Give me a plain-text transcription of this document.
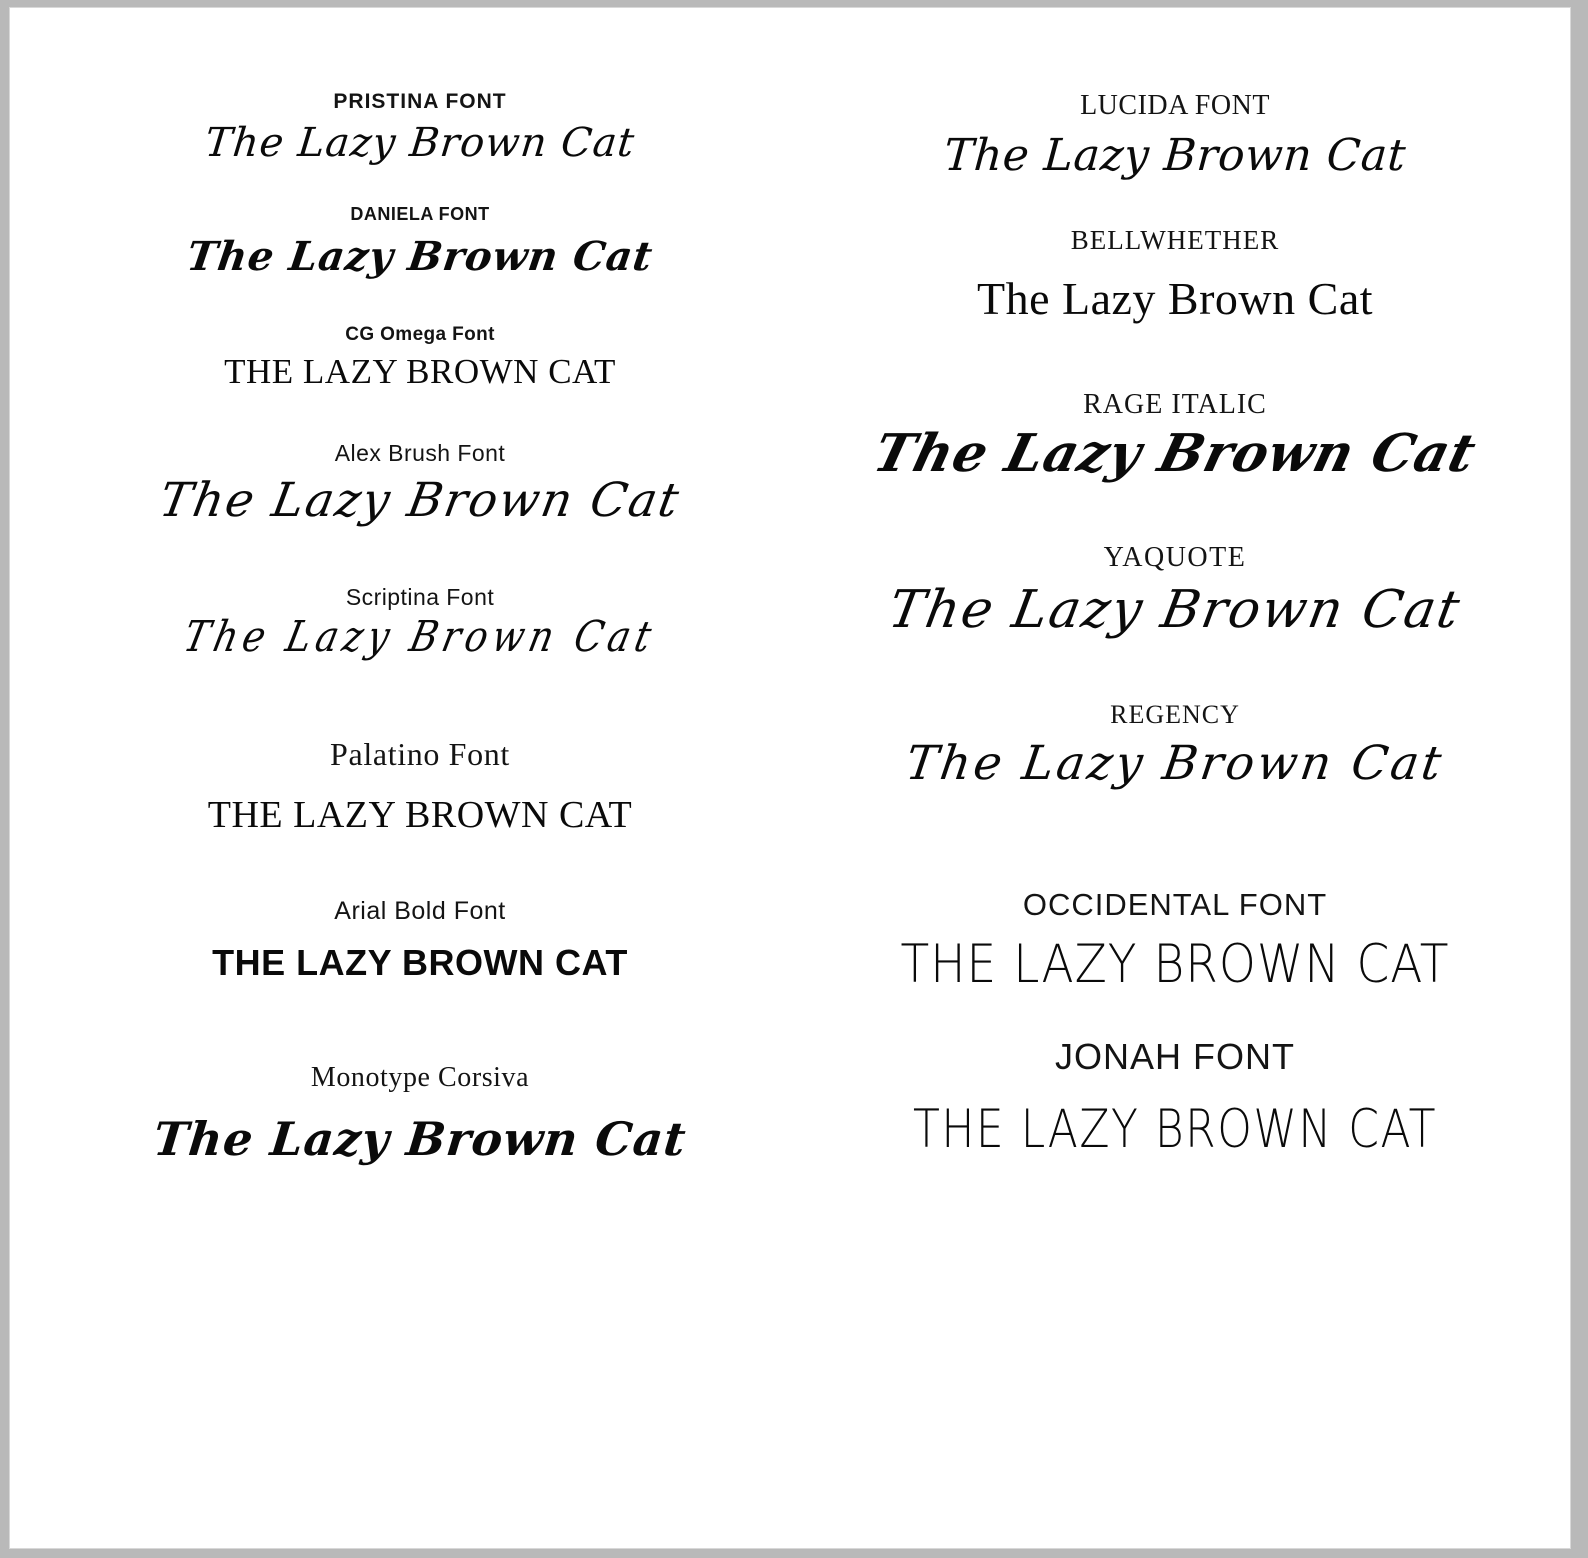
PRISTINA FONT
The Lazy Brown Cat
DANIELA FONT
The Lazy Brown Cat
CG Omega Font
THE LAZY BROWN CAT
Alex Brush Font
The Lazy Brown Cat
Scriptina Font
The Lazy Brown Cat
Palatino Font
THE LAZY BROWN CAT
Arial Bold Font
THE LAZY BROWN CAT
Monotype Corsiva
The Lazy Brown Cat
LUCIDA FONT
The Lazy Brown Cat
BELLWHETHER
The Lazy Brown Cat
RAGE ITALIC
The Lazy Brown Cat
YAQUOTE
The Lazy Brown Cat
REGENCY
The Lazy Brown Cat
OCCIDENTAL FONT
THE LAZY BROWN CAT
JONAH FONT
THE LAZY BROWN CAT
